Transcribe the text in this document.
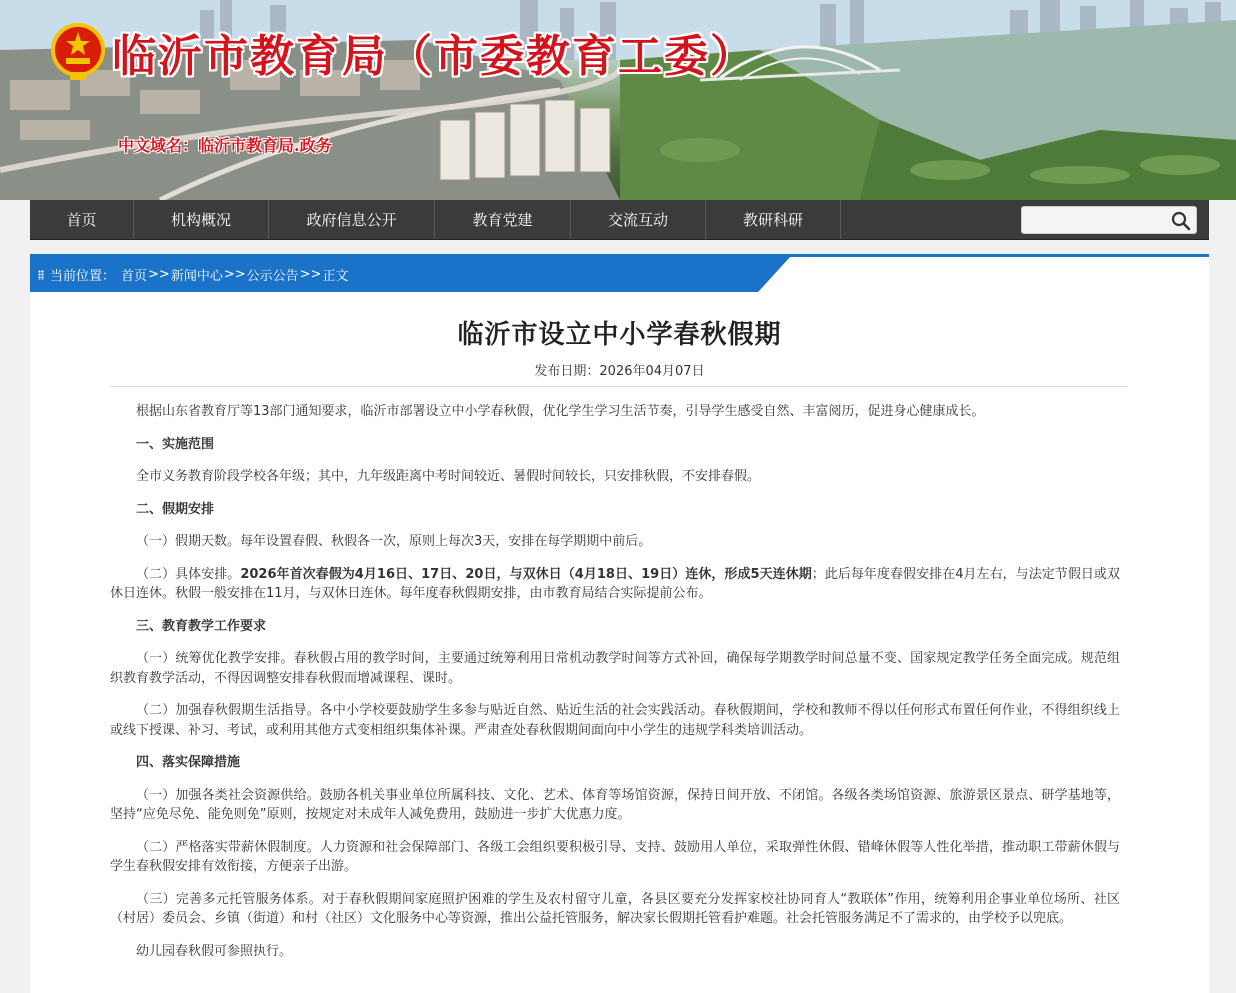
临沂市教育局（市委教育工委）
中文域名：临沂市教育局.政务
首页	机构概况	政府信息公开	教育党建	交流互动	教研科研
当前位置： 首页 >> 新闻中心 >> 公示公告 >> 正文
临沂市设立中小学春秋假期
发布日期：2026年04月07日

根据山东省教育厅等13部门通知要求，临沂市部署设立中小学春秋假，优化学生学习生活节奏，引导学生感受自然、丰富阅历，促进身心健康成长。

一、实施范围

全市义务教育阶段学校各年级；其中，九年级距离中考时间较近、暑假时间较长，只安排秋假，不安排春假。

二、假期安排

（一）假期天数。每年设置春假、秋假各一次，原则上每次3天，安排在每学期期中前后。

（二）具体安排。2026年首次春假为4月16日、17日、20日，与双休日（4月18日、19日）连休，形成5天连休期；此后每年度春假安排在4月左右，与法定节假日或双休日连休。秋假一般安排在11月，与双休日连休。每年度春秋假期安排，由市教育局结合实际提前公布。

三、教育教学工作要求

（一）统筹优化教学安排。春秋假占用的教学时间，主要通过统筹利用日常机动教学时间等方式补回，确保每学期教学时间总量不变、国家规定教学任务全面完成。规范组织教育教学活动，不得因调整安排春秋假而增减课程、课时。

（二）加强春秋假期生活指导。各中小学校要鼓励学生多参与贴近自然、贴近生活的社会实践活动。春秋假期间，学校和教师不得以任何形式布置任何作业，不得组织线上或线下授课、补习、考试，或利用其他方式变相组织集体补课。严肃查处春秋假期间面向中小学生的违规学科类培训活动。

四、落实保障措施

（一）加强各类社会资源供给。鼓励各机关事业单位所属科技、文化、艺术、体育等场馆资源，保持日间开放、不闭馆。各级各类场馆资源、旅游景区景点、研学基地等，坚持“应免尽免、能免则免”原则，按规定对未成年人减免费用，鼓励进一步扩大优惠力度。

（二）严格落实带薪休假制度。人力资源和社会保障部门、各级工会组织要积极引导、支持、鼓励用人单位，采取弹性休假、错峰休假等人性化举措，推动职工带薪休假与学生春秋假安排有效衔接，方便亲子出游。

（三）完善多元托管服务体系。对于春秋假期间家庭照护困难的学生及农村留守儿童，各县区要充分发挥家校社协同育人“教联体”作用，统筹利用企事业单位场所、社区（村居）委员会、乡镇（街道）和村（社区）文化服务中心等资源，推出公益托管服务，解决家长假期托管看护难题。社会托管服务满足不了需求的，由学校予以兜底。

幼儿园春秋假可参照执行。
